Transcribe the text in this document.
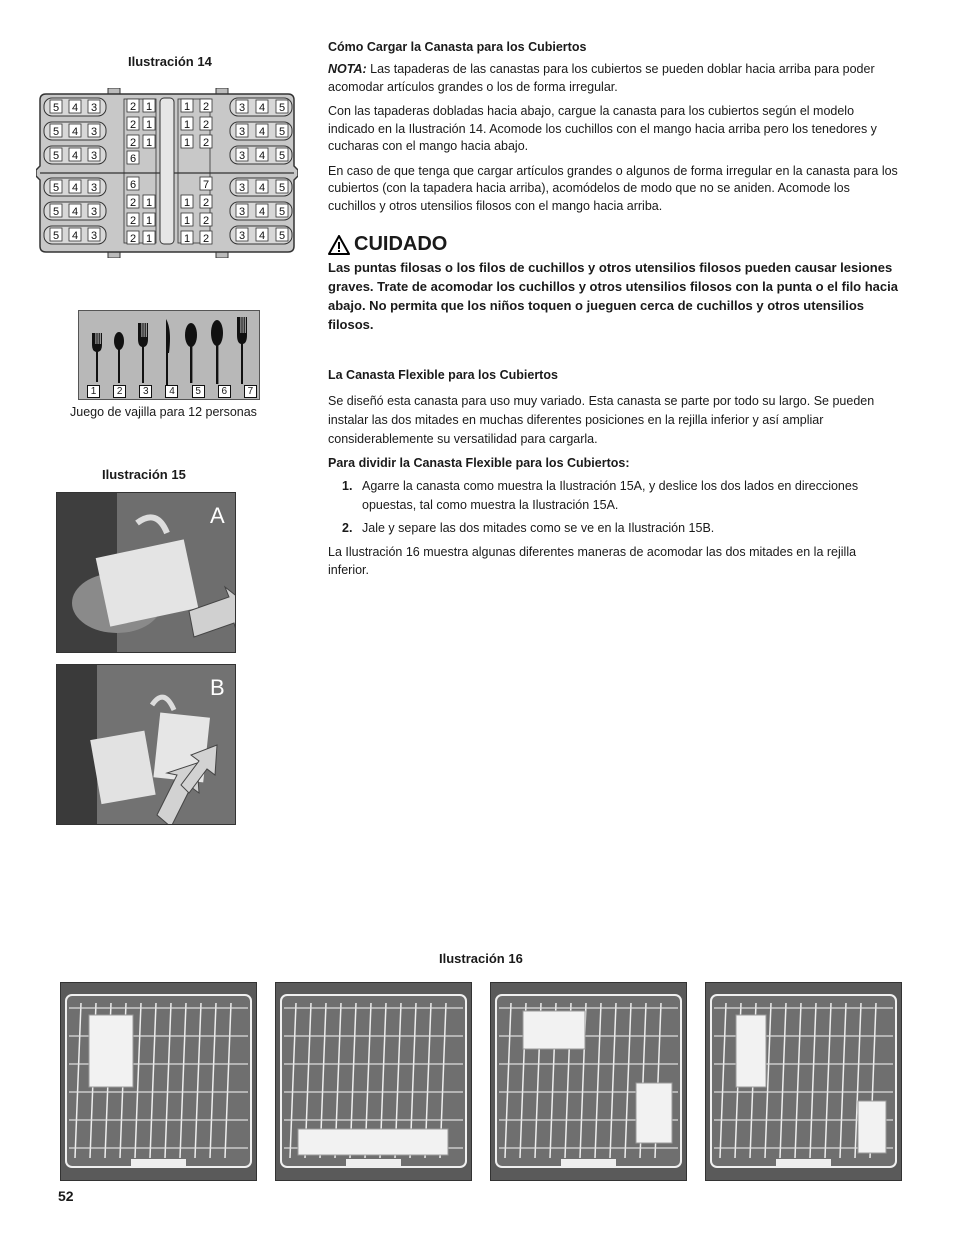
Ilustración 14
5 4 3	3 4 5
5 4 3	3 4 5
5 4 3	3 4 5
5 4 3	3 4 5
5 4 3	3 4 5
5 4 3	3 4 5
2 1
2 1
2 1
6
6
2 1
2 1
2 1
1 2
1 2
1 2
7
1 2
1 2
1 2
1	2	3	4	5	6	7
Juego de vajilla para 12 personas
Ilustración 15
A
B
Cómo Cargar la Canasta para los Cubiertos

NOTA: Las tapaderas de las canastas para los cubiertos se pueden doblar hacia arriba para poder acomodar artículos grandes o los de forma irregular.

Con las tapaderas dobladas hacia abajo, cargue la canasta para los cubiertos según el modelo indicado en la Ilustración 14. Acomode los cuchillos con el mango hacia arriba pero los tenedores y cucharas con el mango hacia abajo.

En caso de que tenga que cargar artículos grandes o algunos de forma irregular en la canasta para los cubiertos (con la tapadera hacia arriba), acomódelos de modo que no se aniden. Acomode los cuchillos y otros utensilios filosos con el mango hacia arriba.

CUIDADO

Las puntas filosas o los filos de cuchillos y otros utensilios filosos pueden causar lesiones graves. Trate de acomodar los cuchillos y otros utensilios filosos con la punta o el filo hacia abajo. No permita que los niños toquen o jueguen cerca de cuchillos y otros utensilios filosos.

La Canasta Flexible para los Cubiertos

Se diseñó esta canasta para uso muy variado. Esta canasta se parte por todo su largo. Se pueden instalar las dos mitades en muchas diferentes posiciones en la rejilla inferior y así ampliar considerablemente su versatilidad para cargarla.

Para dividir la Canasta Flexible para los Cubiertos:
1. Agarre la canasta como muestra la Ilustración 15A, y deslice los dos lados en direcciones opuestas, tal como muestra la Ilustración 15A.
2. Jale y separe las dos mitades como se ve en la Ilustración 15B.

La Ilustración 16 muestra algunas diferentes maneras de acomodar las dos mitades en la rejilla inferior.

Ilustración 16
52
